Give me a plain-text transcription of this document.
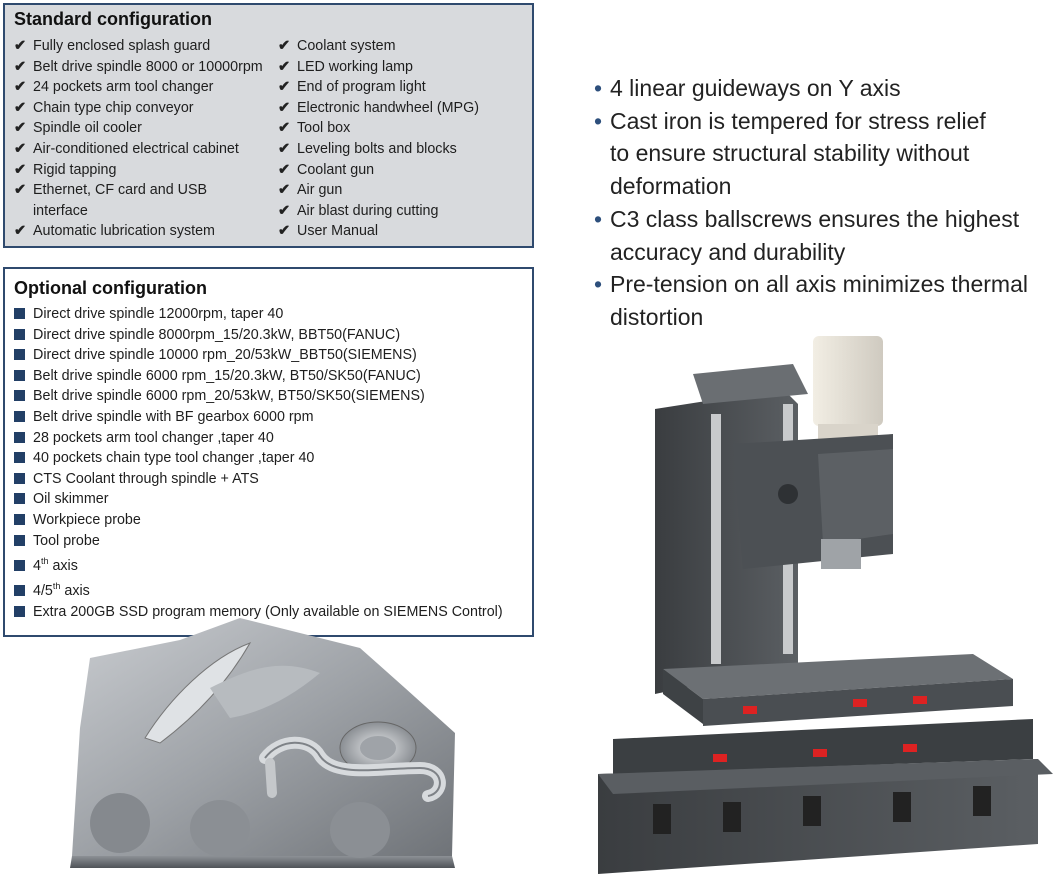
Standard configuration
✔ Fully enclosed splash guard
✔ Belt drive spindle 8000 or 10000rpm
✔ 24 pockets arm tool changer
✔ Chain type chip conveyor
✔ Spindle oil cooler
✔ Air-conditioned electrical cabinet
✔ Rigid tapping
✔ Ethernet, CF card and USB
interface
✔ Automatic lubrication system
✔ Coolant system
✔ LED working lamp
✔ End of program light
✔ Electronic handwheel (MPG)
✔ Tool box
✔ Leveling bolts and blocks
✔ Coolant gun
✔ Air gun
✔ Air blast during cutting
✔ User Manual
Optional configuration
Direct drive spindle 12000rpm, taper 40
Direct drive spindle 8000rpm_15/20.3kW, BBT50(FANUC)
Direct drive spindle 10000 rpm_20/53kW_BBT50(SIEMENS)
Belt drive spindle 6000 rpm_15/20.3kW, BT50/SK50(FANUC)
Belt drive spindle 6000 rpm_20/53kW, BT50/SK50(SIEMENS)
Belt drive spindle with BF gearbox 6000 rpm
28 pockets arm tool changer ,taper 40
40 pockets chain type tool changer ,taper 40
CTS Coolant through spindle + ATS
Oil skimmer
Workpiece probe
Tool probe
4th axis
4/5th axis
Extra 200GB SSD program memory (Only available on SIEMENS Control)
• 4 linear guideways on Y axis
• Cast iron is tempered for stress relief
to ensure structural stability without
deformation
• C3 class ballscrews ensures the highest
accuracy and durability
• Pre-tension on all axis minimizes thermal
distortion
